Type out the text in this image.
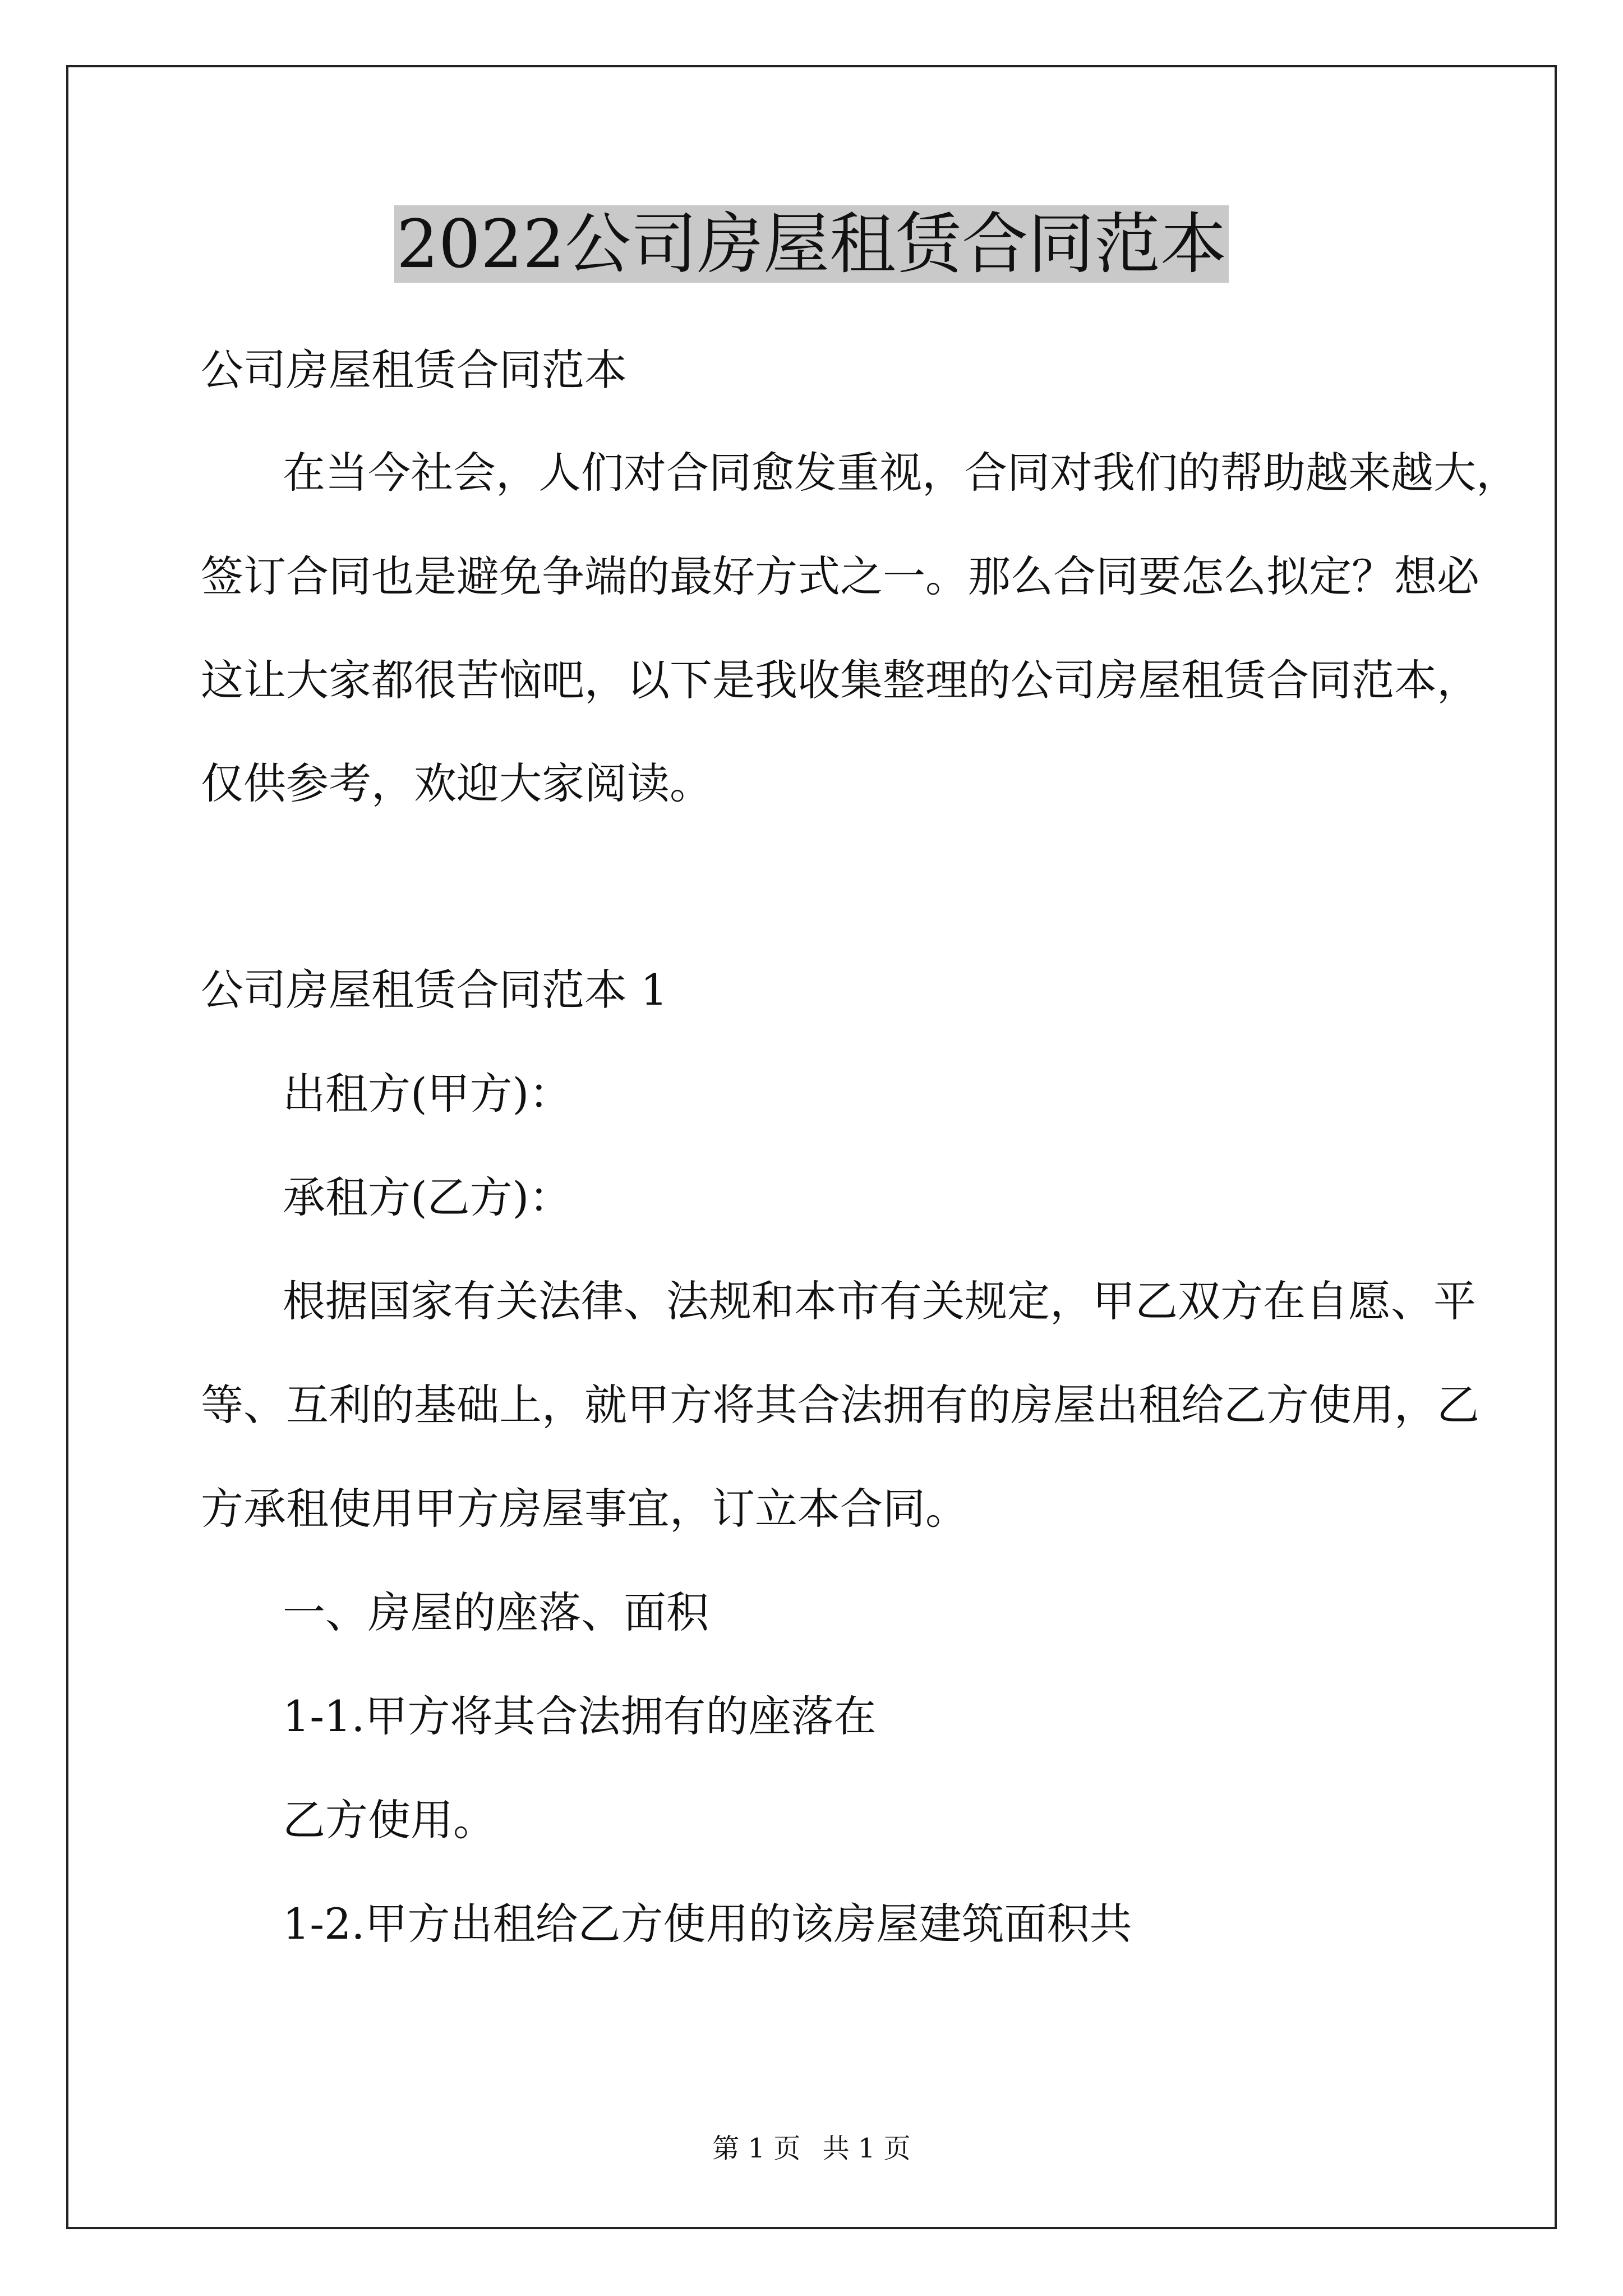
2022公司房屋租赁合同范本

公司房屋租赁合同范本

在当今社会，人们对合同愈发重视，合同对我们的帮助越来越大，

签订合同也是避免争端的最好方式之一。那么合同要怎么拟定？想必

这让大家都很苦恼吧，以下是我收集整理的公司房屋租赁合同范本，

仅供参考，欢迎大家阅读。

公司房屋租赁合同范本 1

出租方(甲方)：

承租方(乙方)：

根据国家有关法律、法规和本市有关规定，甲乙双方在自愿、平

等、互利的基础上，就甲方将其合法拥有的房屋出租给乙方使用，乙

方承租使用甲方房屋事宜，订立本合同。

一、房屋的座落、面积

1-1.甲方将其合法拥有的座落在

乙方使用。

1-2.甲方出租给乙方使用的该房屋建筑面积共

第 1 页 共 1 页
